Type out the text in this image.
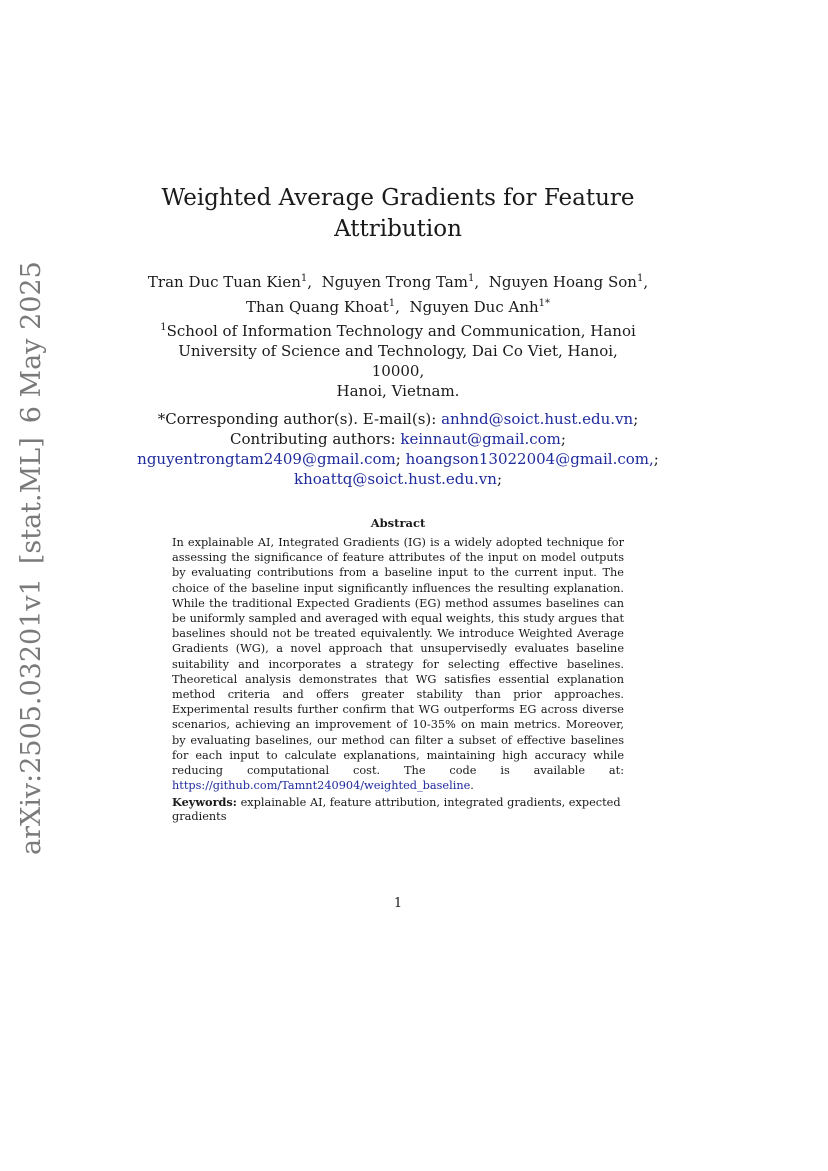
arXiv:2505.03201v1[stat.ML]6 May 2025
Weighted Average Gradients for Feature
Attribution
Tran Duc Tuan Kien$^1$, Nguyen Trong Tam$^1$, Nguyen Hoang Son$^1$,
Than Quang Khoat$^1$, Nguyen Duc Anh$^{1*}$
$^1$School of Information Technology and Communication, Hanoi
University of Science and Technology, Dai Co Viet, Hanoi, 10000,
Hanoi, Vietnam.
*Corresponding author(s). E-mail(s): anhnd@soict.hust.edu.vn;
Contributing authors: keinnaut@gmail.com;
nguyentrongtam2409@gmail.com; hoangson13022004@gmail.com,;
khoattq@soict.hust.edu.vn;
Abstract
In explainable AI, Integrated Gradients (IG) is a widely adopted technique for assessing the significance of feature attributes of the input on model outputs by evaluating contributions from a baseline input to the current input. The choice of the baseline input significantly influences the resulting explanation. While the traditional Expected Gradients (EG) method assumes baselines can be uniformly sampled and averaged with equal weights, this study argues that baselines should not be treated equivalently. We introduce Weighted Average Gradients (WG), a novel approach that unsupervisedly evaluates baseline suitability and incorporates a strategy for selecting effective baselines. Theoretical analysis demonstrates that WG satisfies essential explanation method criteria and offers greater stability than prior approaches. Experimental results further confirm that WG outperforms EG across diverse scenarios, achieving an improvement of 10-35% on main metrics. Moreover, by evaluating baselines, our method can filter a subset of effective baselines for each input to calculate explanations, maintaining high accuracy while reducing computational cost. The code is available at: https://github.com/Tamnt240904/weighted_baseline.
Keywords: explainable AI, feature attribution, integrated gradients, expected gradients
1
